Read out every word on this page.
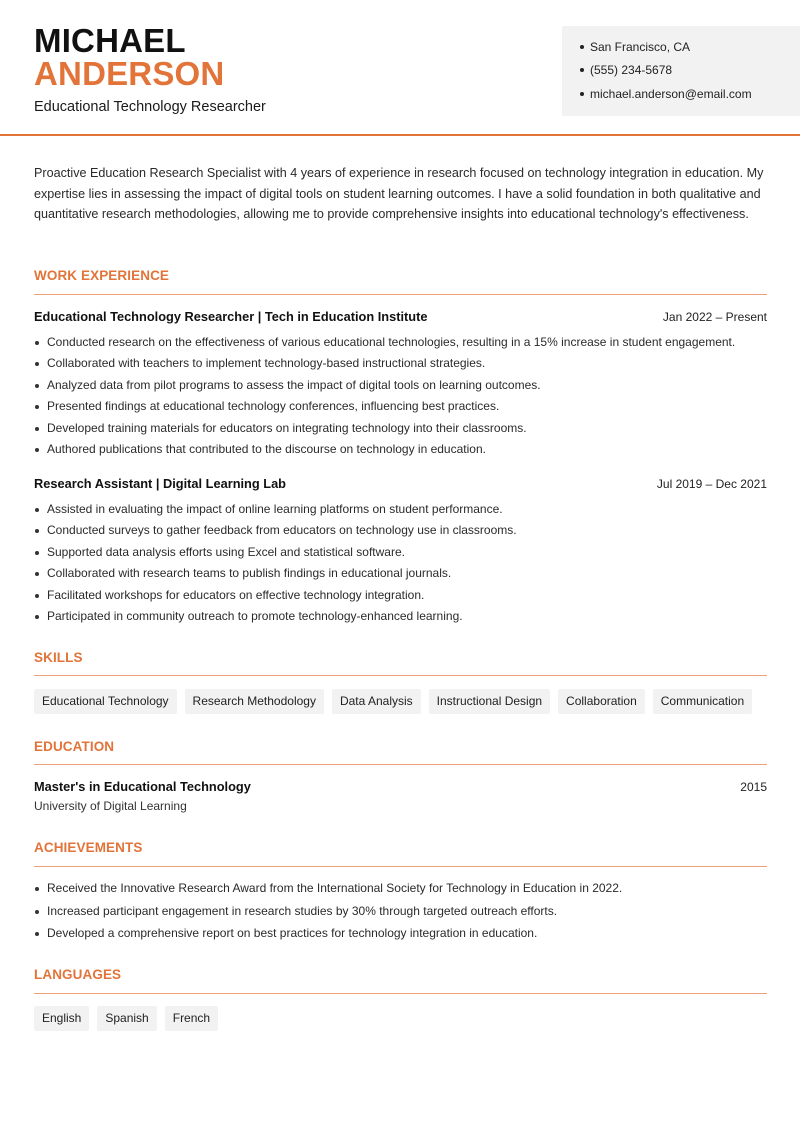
MICHAEL
ANDERSON
Educational Technology Researcher
San Francisco, CA
(555) 234-5678
michael.anderson@email.com
Proactive Education Research Specialist with 4 years of experience in research focused on technology integration in education. My expertise lies in assessing the impact of digital tools on student learning outcomes. I have a solid foundation in both qualitative and quantitative research methodologies, allowing me to provide comprehensive insights into educational technology's effectiveness.
WORK EXPERIENCE
Educational Technology Researcher | Tech in Education Institute	Jan 2022 – Present
Conducted research on the effectiveness of various educational technologies, resulting in a 15% increase in student engagement.
Collaborated with teachers to implement technology-based instructional strategies.
Analyzed data from pilot programs to assess the impact of digital tools on learning outcomes.
Presented findings at educational technology conferences, influencing best practices.
Developed training materials for educators on integrating technology into their classrooms.
Authored publications that contributed to the discourse on technology in education.
Research Assistant | Digital Learning Lab	Jul 2019 – Dec 2021
Assisted in evaluating the impact of online learning platforms on student performance.
Conducted surveys to gather feedback from educators on technology use in classrooms.
Supported data analysis efforts using Excel and statistical software.
Collaborated with research teams to publish findings in educational journals.
Facilitated workshops for educators on effective technology integration.
Participated in community outreach to promote technology-enhanced learning.
SKILLS
Educational Technology	Research Methodology	Data Analysis	Instructional Design	Collaboration	Communication
EDUCATION
Master's in Educational Technology	2015
University of Digital Learning
ACHIEVEMENTS
Received the Innovative Research Award from the International Society for Technology in Education in 2022.
Increased participant engagement in research studies by 30% through targeted outreach efforts.
Developed a comprehensive report on best practices for technology integration in education.
LANGUAGES
English	Spanish	French
